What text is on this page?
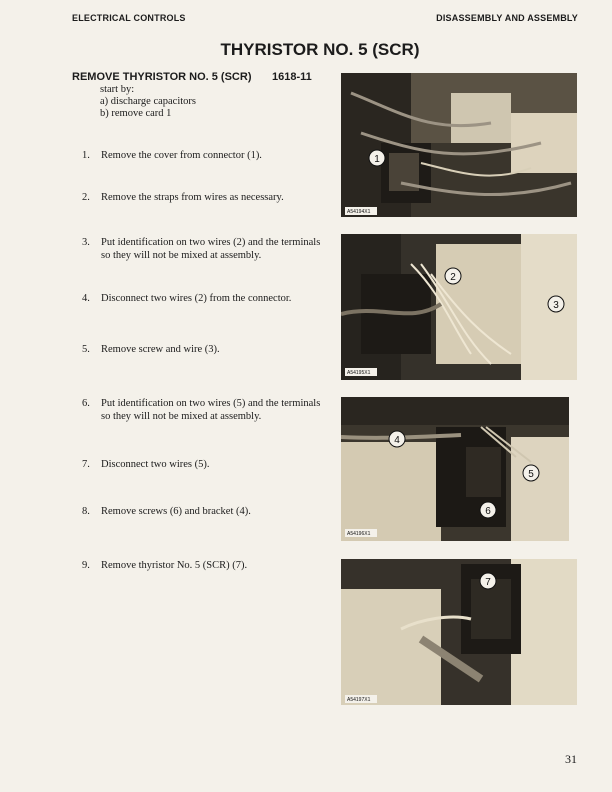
ELECTRICAL CONTROLS	DISASSEMBLY AND ASSEMBLY
THYRISTOR NO. 5 (SCR)
REMOVE THYRISTOR NO. 5 (SCR) 1618-11
start by:
a) discharge capacitors
b) remove card 1
1. Remove the cover from connector (1).
2. Remove the straps from wires as necessary.
3. Put identification on two wires (2) and the terminals so they will not be mixed at assembly.
4. Disconnect two wires (2) from the connector.
5. Remove screw and wire (3).
6. Put identification on two wires (5) and the terminals so they will not be mixed at assembly.
7. Disconnect two wires (5).
8. Remove screws (6) and bracket (4).
9. Remove thyristor No. 5 (SCR) (7).
1
A54194X1
2
3
A54195X1
4
5
6
A54196X1
7
A54197X1
31
